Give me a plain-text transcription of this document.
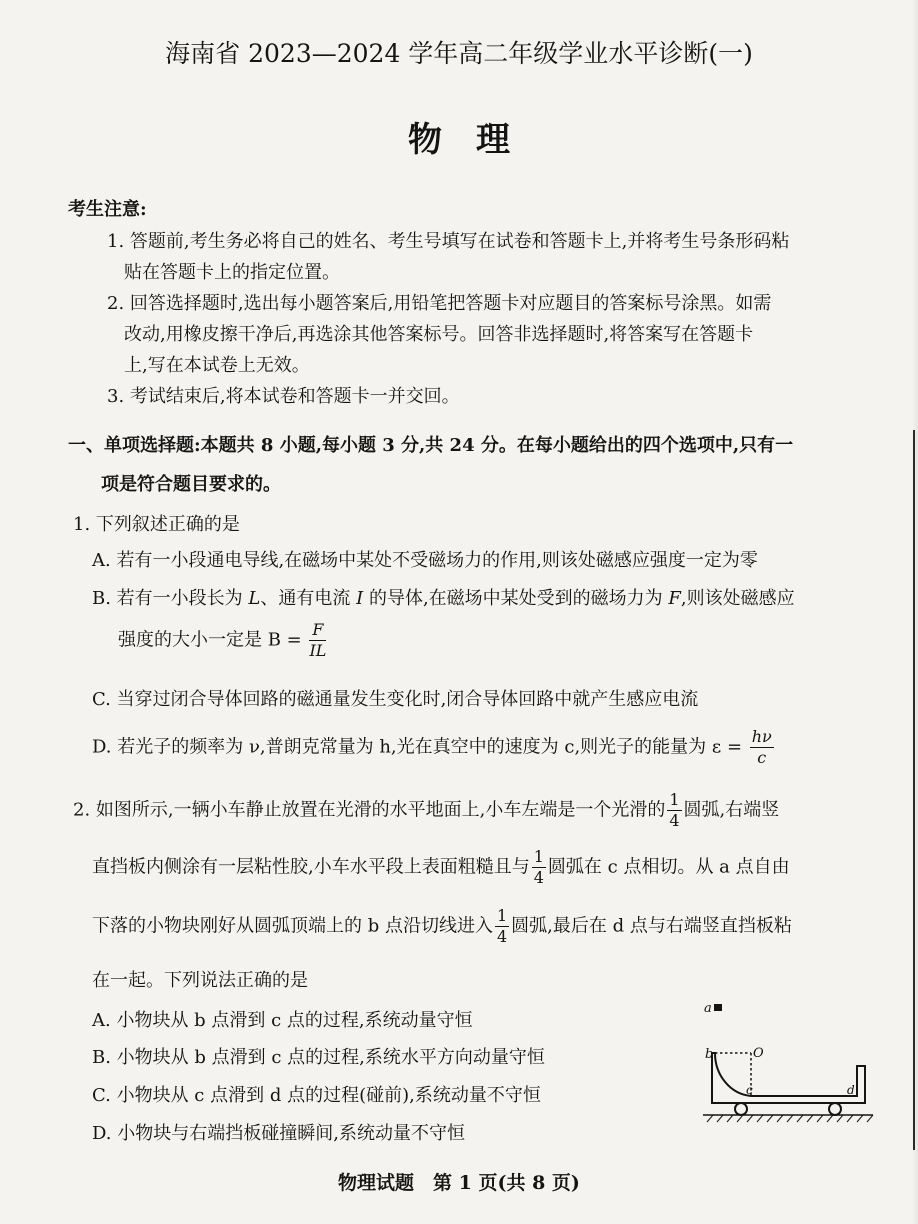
海南省 2023—2024 学年高二年级学业水平诊断(一)
物理
考生注意:
1. 答题前,考生务必将自己的姓名、考生号填写在试卷和答题卡上,并将考生号条形码粘
贴在答题卡上的指定位置。
2. 回答选择题时,选出每小题答案后,用铅笔把答题卡对应题目的答案标号涂黑。如需
改动,用橡皮擦干净后,再选涂其他答案标号。回答非选择题时,将答案写在答题卡
上,写在本试卷上无效。
3. 考试结束后,将本试卷和答题卡一并交回。
一、单项选择题:本题共 8 小题,每小题 3 分,共 24 分。在每小题给出的四个选项中,只有一
项是符合题目要求的。
1. 下列叙述正确的是
A. 若有一小段通电导线,在磁场中某处不受磁场力的作用,则该处磁感应强度一定为零
B. 若有一小段长为 L、通有电流 I 的导体,在磁场中某处受到的磁场力为 F,则该处磁感应
强度的大小一定是 $B = \frac{F}{IL}$
C. 当穿过闭合导体回路的磁通量发生变化时,闭合导体回路中就产生感应电流
D. 若光子的频率为 ν,普朗克常量为 h,光在真空中的速度为 c,则光子的能量为 $\varepsilon = \frac{h\nu}{c}$
2. 如图所示,一辆小车静止放置在光滑的水平地面上,小车左端是一个光滑的 $\frac{1}{4}$ 圆弧,右端竖
直挡板内侧涂有一层粘性胶,小车水平段上表面粗糙且与 $\frac{1}{4}$ 圆弧在 c 点相切。从 a 点自由
下落的小物块刚好从圆弧顶端上的 b 点沿切线进入 $\frac{1}{4}$ 圆弧,最后在 d 点与右端竖直挡板粘
在一起。下列说法正确的是
A. 小物块从 b 点滑到 c 点的过程,系统动量守恒
B. 小物块从 b 点滑到 c 点的过程,系统水平方向动量守恒
C. 小物块从 c 点滑到 d 点的过程(碰前),系统动量不守恒
D. 小物块与右端挡板碰撞瞬间,系统动量不守恒
a
b	O
c	d
物理试题　第 1 页(共 8 页)
